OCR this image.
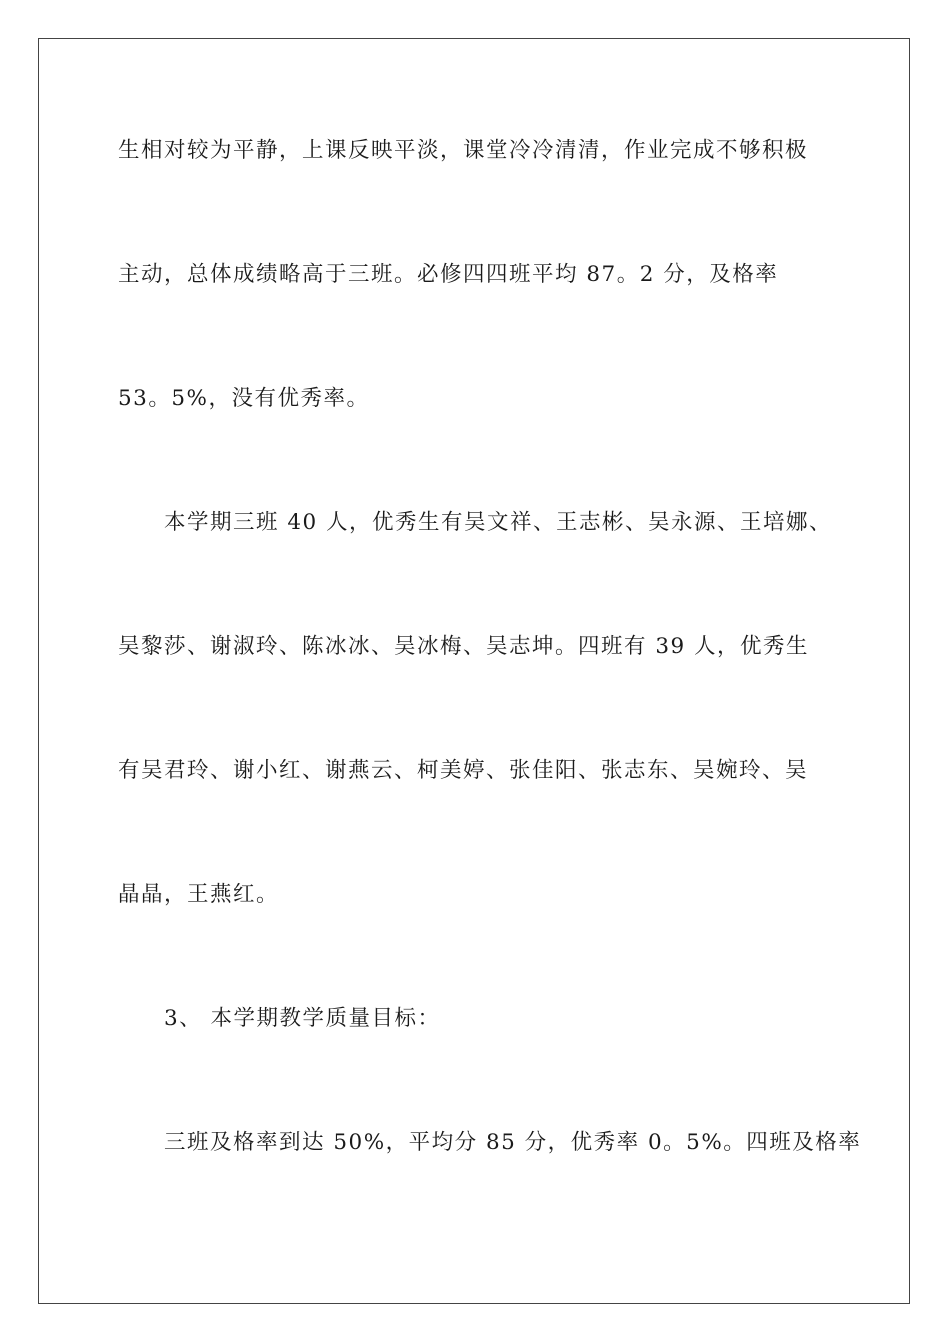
生相对较为平静，上课反映平淡，课堂冷冷清清，作业完成不够积极
主动，总体成绩略高于三班。必修四四班平均 87。2 分，及格率
53。5%，没有优秀率。
本学期三班 40 人，优秀生有吴文祥、王志彬、吴永源、王培娜、
吴黎莎、谢淑玲、陈冰冰、吴冰梅、吴志坤。四班有 39 人，优秀生
有吴君玲、谢小红、谢燕云、柯美婷、张佳阳、张志东、吴婉玲、吴
晶晶，王燕红。
3、 本学期教学质量目标：
三班及格率到达 50%，平均分 85 分，优秀率 0。5%。四班及格率
